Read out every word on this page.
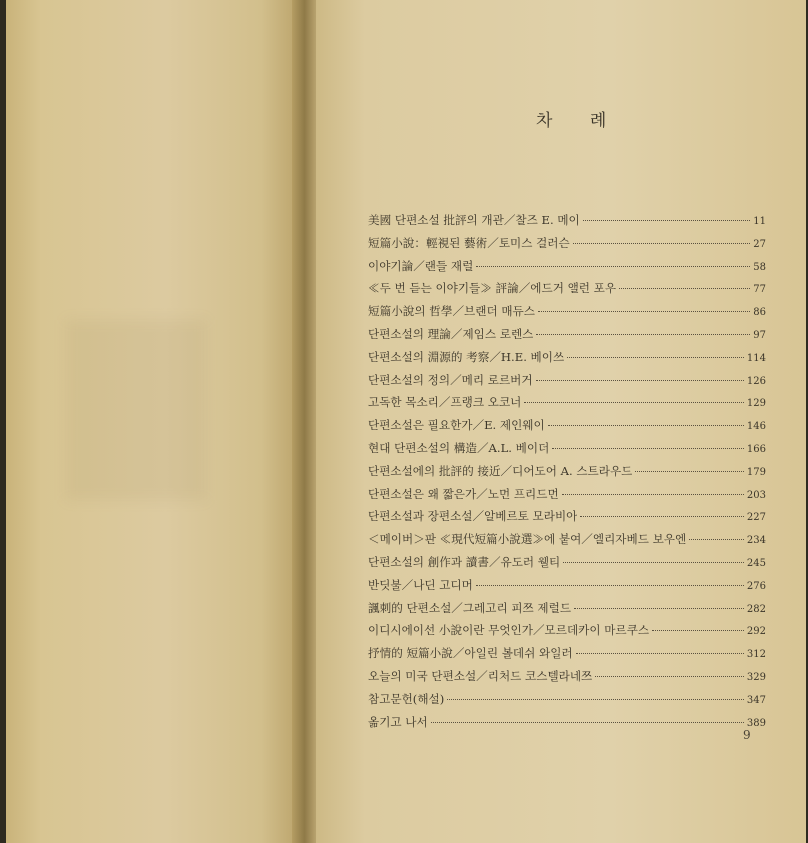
차 례
美國 단편소설 批評의 개관／찰즈 E. 메이	11
短篇小說：輕視된 藝術／토미스 걸러슨	27
이야기論／랜들 재럴	58
≪두 번 듣는 이야기들≫ 評論／에드거 앨런 포우	77
短篇小說의 哲學／브랜더 매듀스	86
단편소설의 理論／제임스 로렌스	97
단편소설의 淵源的 考察／H.E. 베이쓰	114
단편소설의 정의／메리 로르버거	126
고독한 목소리／프랭크 오코너	129
단편소설은 필요한가／E. 제인웨이	146
현대 단편소설의 構造／A.L. 베이더	166
단편소설에의 批評的 接近／디어도어 A. 스트라우드	179
단편소설은 왜 짧은가／노먼 프리드먼	203
단편소설과 장편소설／알베르토 모라비아	227
＜메이버＞판 ≪現代短篇小說選≫에 붙여／엘리자베드 보우엔	234
단편소설의 創作과 讀書／유도러 웰티	245
반딧불／나딘 고디머	276
諷刺的 단편소설／그레고리 피쯔 제럴드	282
이디시에이선 小說이란 무엇인가／모르데카이 마르쿠스	292
抒情的 短篇小說／아일린 볼데쉬 와일러	312
오늘의 미국 단편소설／리처드 코스텔라네쯔	329
참고문헌(해설)	347
옮기고 나서	389
9
